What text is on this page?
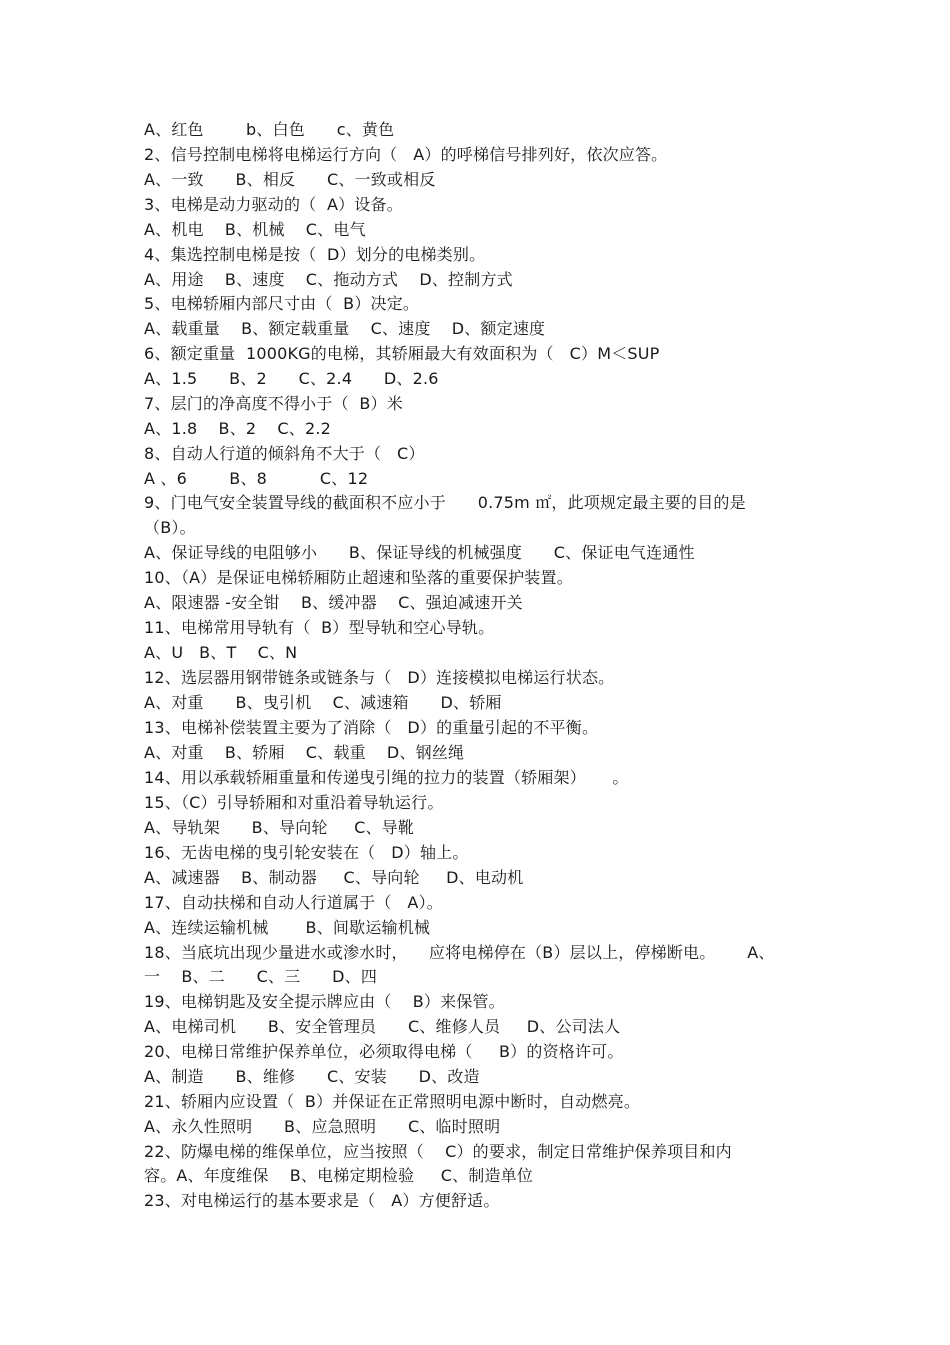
A、红色        b、白色      c、黄色
2、信号控制电梯将电梯运行方向（   A）的呼梯信号排列好，依次应答。
A、一致      B、相反      C、一致或相反
3、电梯是动力驱动的（  A）设备。
A、机电    B、机械    C、电气
4、集选控制电梯是按（  D）划分的电梯类别。
A、用途    B、速度    C、拖动方式    D、控制方式
5、电梯轿厢内部尺寸由（  B）决定。
A、载重量    B、额定载重量    C、速度    D、额定速度
6、额定重量  1000KG的电梯，其轿厢最大有效面积为（   C）M＜SUP
A、1.5      B、2      C、2.4      D、2.6
7、层门的净高度不得小于（  B）米
A、1.8    B、2    C、2.2
8、自动人行道的倾斜角不大于（   C）
A 、6        B、8          C、12
9、门电气安全装置导线的截面积不应小于      0.75m ㎡，此项规定最主要的目的是
（B）。
A、保证导线的电阻够小      B、保证导线的机械强度      C、保证电气连通性
10、（A）是保证电梯轿厢防止超速和坠落的重要保护装置。
A、限速器 -安全钳    B、缓冲器    C、强迫减速开关
11、电梯常用导轨有（  B）型导轨和空心导轨。
A、U   B、T    C、N
12、选层器用钢带链条或链条与（   D）连接模拟电梯运行状态。
A、对重      B、曳引机    C、减速箱      D、轿厢
13、电梯补偿装置主要为了消除（   D）的重量引起的不平衡。
A、对重    B、轿厢    C、载重    D、钢丝绳
14、用以承载轿厢重量和传递曳引绳的拉力的装置（轿厢架）     。
15、（C）引导轿厢和对重沿着导轨运行。
A、导轨架      B、导向轮     C、导靴
16、无齿电梯的曳引轮安装在（   D）轴上。
A、减速器    B、制动器     C、导向轮     D、电动机
17、自动扶梯和自动人行道属于（   A）。
A、连续运输机械       B、间歇运输机械
18、当底坑出现少量进水或渗水时，    应将电梯停在（B）层以上，停梯断电。      A、
一    B、二      C、三      D、四
19、电梯钥匙及安全提示牌应由（    B）来保管。
A、电梯司机      B、安全管理员      C、维修人员     D、公司法人
20、电梯日常维护保养单位，必须取得电梯（     B）的资格许可。
A、制造      B、维修      C、安装      D、改造
21、轿厢内应设置（  B）并保证在正常照明电源中断时，自动燃亮。
A、永久性照明      B、应急照明      C、临时照明
22、防爆电梯的维保单位，应当按照（    C）的要求，制定日常维护保养项目和内
容。A、年度维保    B、电梯定期检验     C、制造单位
23、对电梯运行的基本要求是（   A）方便舒适。
